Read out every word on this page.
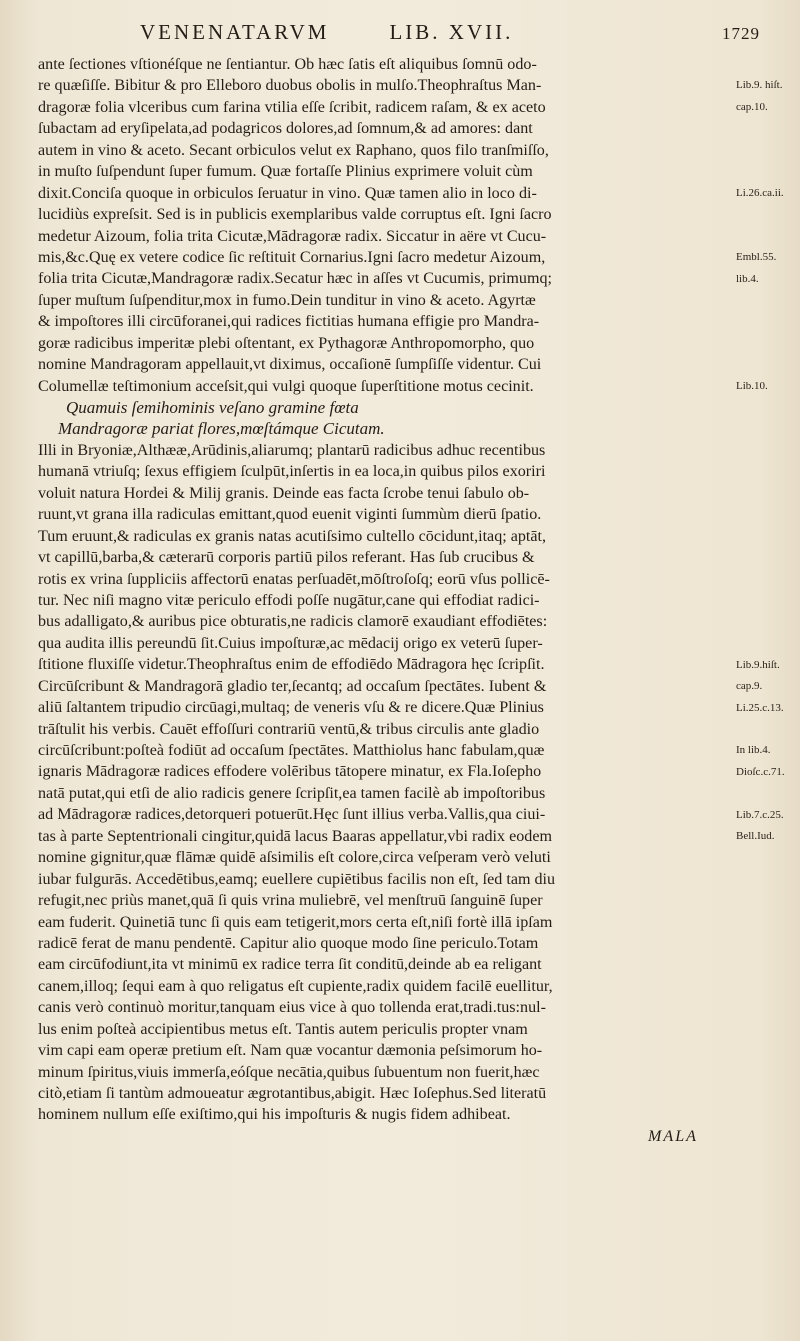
VENENATARVM	LIB. XVII.	1729
ante ſectiones vſtionéſque ne ſentiantur. Ob hæc ſatis eſt aliquibus ſomnū odo-
re quæſiſſe. Bibitur & pro Elleboro duobus obolis in mulſo.Theophraſtus Man-
dragoræ folia vlceribus cum farina vtilia eſſe ſcribit, radicem raſam, & ex aceto
ſubactam ad eryſipelata,ad podagricos dolores,ad ſomnum,& ad amores: dant
autem in vino & aceto. Secant orbiculos velut ex Raphano, quos filo tranſmiſſo,
in muſto ſuſpendunt ſuper fumum. Quæ fortaſſe Plinius exprimere voluit cùm
dixit.Conciſa quoque in orbiculos ſeruatur in vino. Quæ tamen alio in loco di-
lucidiùs expreſsit. Sed is in publicis exemplaribus valde corruptus eſt. Igni ſacro
medetur Aizoum, folia trita Cicutæ,Mādragoræ radix. Siccatur in aëre vt Cucu-
mis,&c.Quę ex vetere codice ſic reſtituit Cornarius.Igni ſacro medetur Aizoum,
folia trita Cicutæ,Mandragoræ radix.Secatur hæc in aſſes vt Cucumis, primumq;
ſuper muſtum ſuſpenditur,mox in fumo.Dein tunditur in vino & aceto. Agyrtæ
& impoſtores illi circūforanei,qui radices fictitias humana effigie pro Mandra-
goræ radicibus imperitæ plebi oſtentant, ex Pythagoræ Anthropomorpho, quo
nomine Mandragoram appellauit,vt diximus, occaſionē ſumpſiſſe videntur. Cui
Columellæ teſtimonium acceſsit,qui vulgi quoque ſuperſtitione motus cecinit.
Quamuis ſemihominis veſano gramine fœta
Mandragoræ pariat flores,mœſtámque Cicutam.
Illi in Bryoniæ,Althææ,Arūdinis,aliarumq; plantarū radicibus adhuc recentibus
humanā vtriuſq; ſexus effigiem ſculpūt,inſertis in ea loca,in quibus pilos exoriri
voluit natura Hordei & Milij granis. Deinde eas facta ſcrobe tenui ſabulo ob-
ruunt,vt grana illa radiculas emittant,quod euenit viginti ſummùm dierū ſpatio.
Tum eruunt,& radiculas ex granis natas acutiſsimo cultello cōcidunt,itaq; aptāt,
vt capillū,barba,& cæterarū corporis partiū pilos referant. Has ſub crucibus &
rotis ex vrina ſuppliciis affectorū enatas perſuadēt,mōſtroſoſq; eorū vſus pollicē-
tur. Nec niſi magno vitæ periculo effodi poſſe nugātur,cane qui effodiat radici-
bus adalligato,& auribus pice obturatis,ne radicis clamorē exaudiant effodiētes:
qua audita illis pereundū ſit.Cuius impoſturæ,ac mēdacij origo ex veterū ſuper-
ſtitione fluxiſſe videtur.Theophraſtus enim de effodiēdo Mādragora hęc ſcripſit.
Circūſcribunt & Mandragorā gladio ter,ſecantq; ad occaſum ſpectātes. Iubent &
aliū ſaltantem tripudio circūagi,multaq; de veneris vſu & re dicere.Quæ Plinius
trāſtulit his verbis. Cauēt effoſſuri contrariū ventū,& tribus circulis ante gladio
circūſcribunt:poſteà fodiūt ad occaſum ſpectātes. Matthiolus hanc fabulam,quæ
ignaris Mādragoræ radices effodere volēribus tātopere minatur, ex Fla.Ioſepho
natā putat,qui etſi de alio radicis genere ſcripſit,ea tamen facilè ab impoſtoribus
ad Mādragoræ radices,detorqueri potuerūt.Hęc ſunt illius verba.Vallis,qua ciui-
tas à parte Septentrionali cingitur,quidā lacus Baaras appellatur,vbi radix eodem
nomine gignitur,quæ flāmæ quidē aſsimilis eſt colore,circa veſperam verò veluti
iubar fulgurās. Accedētibus,eamq; euellere cupiētibus facilis non eſt, ſed tam diu
refugit,nec priùs manet,quā ſi quis vrina muliebrē, vel menſtruū ſanguinē ſuper
eam fuderit. Quinetiā tunc ſi quis eam tetigerit,mors certa eſt,niſi fortè illā ipſam
radicē ferat de manu pendentē. Capitur alio quoque modo ſine periculo.Totam
eam circūfodiunt,ita vt minimū ex radice terra ſit conditū,deinde ab ea religant
canem,illoq; ſequi eam à quo religatus eſt cupiente,radix quidem facilē euellitur,
canis verò continuò moritur,tanquam eius vice à quo tollenda erat,tradi.tus:nul-
lus enim poſteà accipientibus metus eſt. Tantis autem periculis propter vnam
vim capi eam operæ pretium eſt. Nam quæ vocantur dæmonia peſsimorum ho-
minum ſpiritus,viuis immerſa,eóſque necātia,quibus ſubuentum non fuerit,hæc
citò,etiam ſi tantùm admoueatur ægrotantibus,abigit. Hæc Ioſephus.Sed literatū
hominem nullum eſſe exiſtimo,qui his impoſturis & nugis fidem adhibeat.
MALA
Lib.9. hiſt.
cap.10.
Li.26.ca.ii.
Embl.55.
lib.4.
Lib.10.
Lib.9.hiſt.
cap.9.
Li.25.c.13.
In lib.4.
Dioſc.c.71.
Lib.7.c.25.
Bell.Iud.
